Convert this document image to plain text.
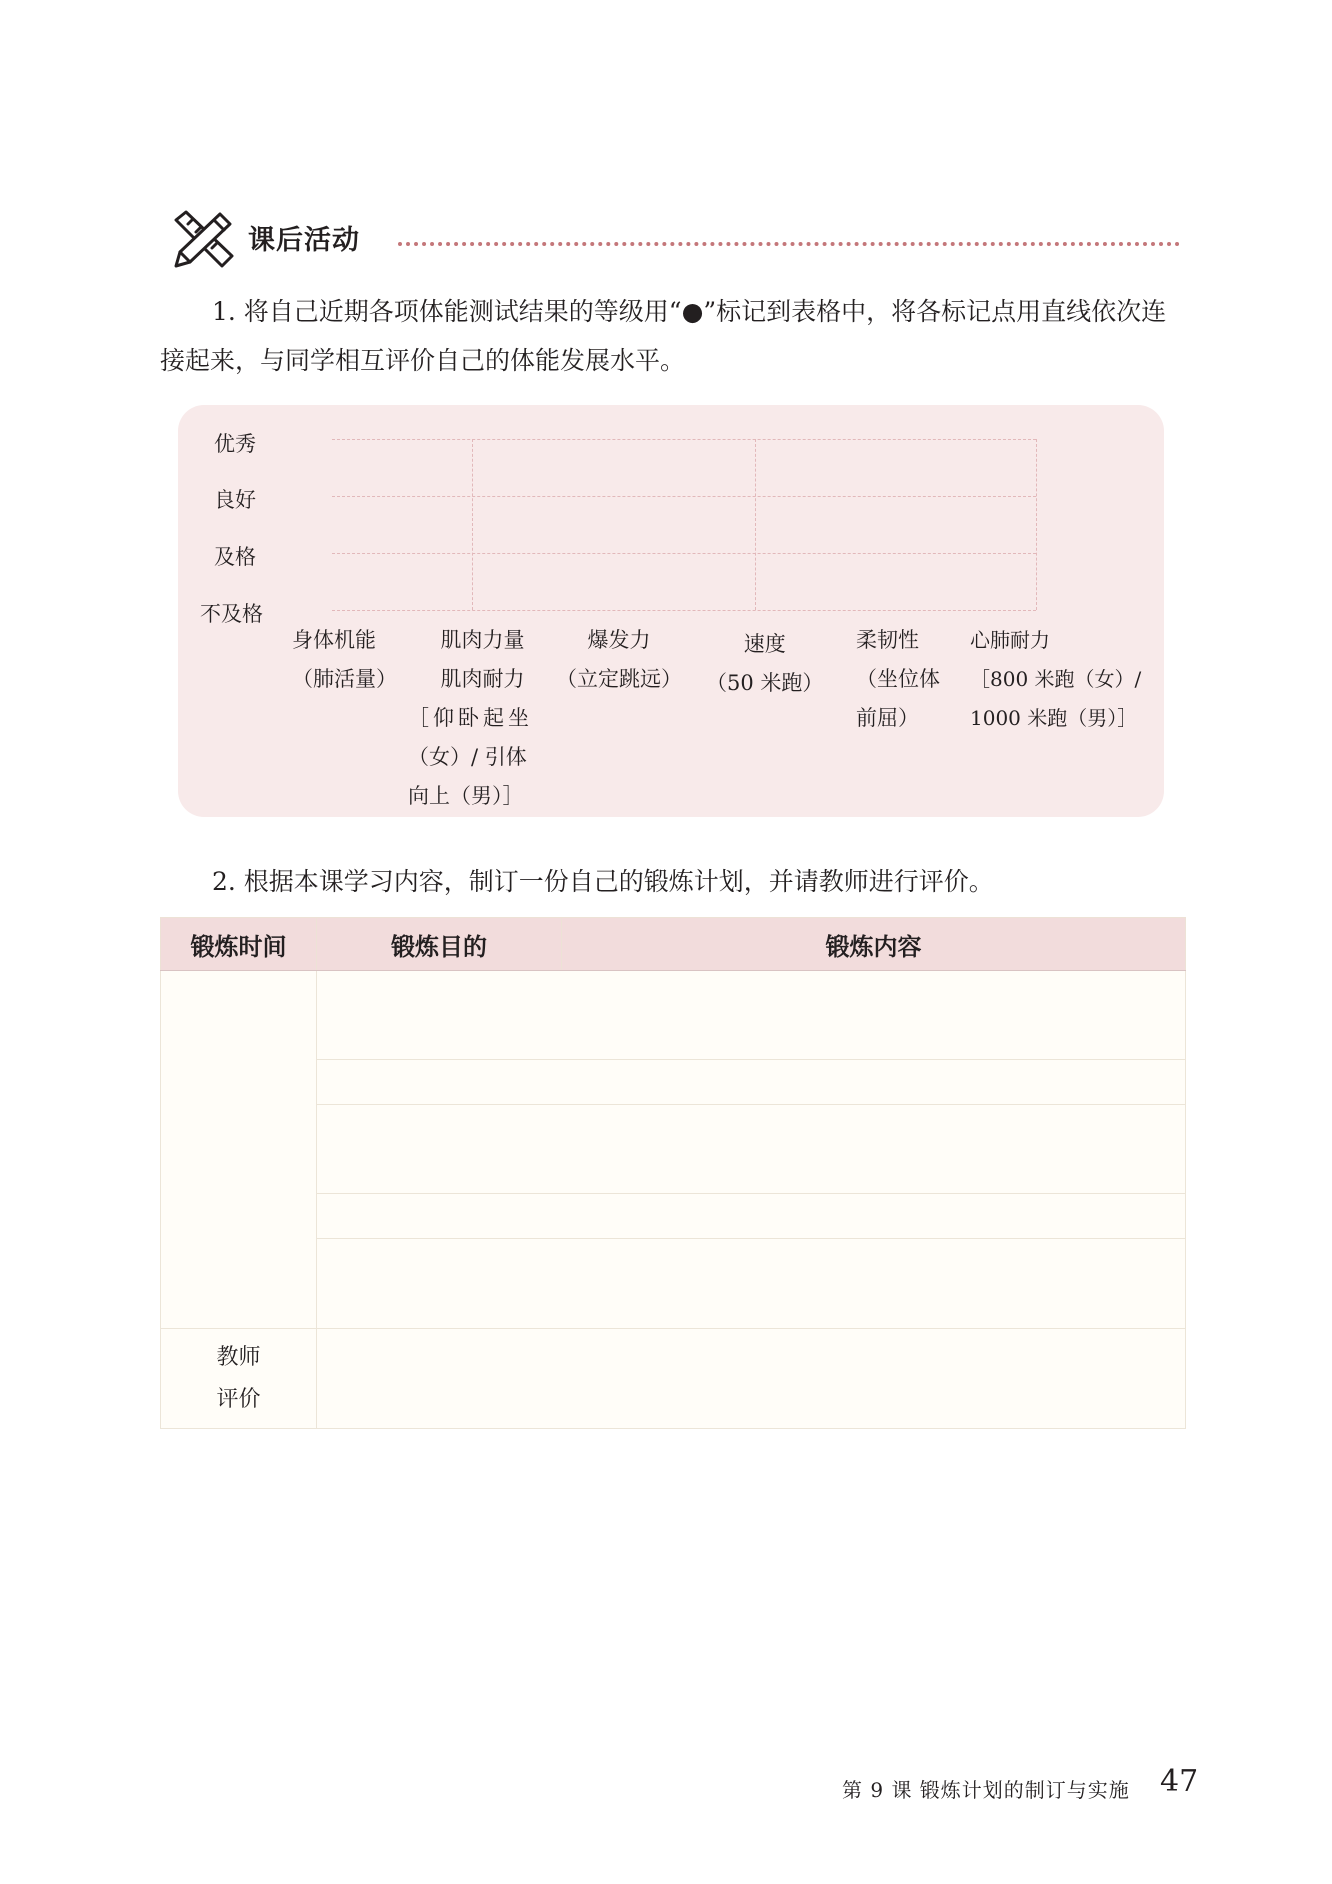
课后活动
1. 将自己近期各项体能测试结果的等级用“●”标记到表格中，将各标记点用直线依次连接起来，与同学相互评价自己的体能发展水平。
优秀
良好
及格
不及格
身体机能
（肺活量）
肌肉力量
肌肉耐力
［仰卧起坐
（女）/ 引体
向上（男）］
爆发力
（立定跳远）
速度
（50 米跑）
柔韧性
（坐位体
前屈）
心肺耐力
［800 米跑（女）/
1000 米跑（男）］
2. 根据本课学习内容，制订一份自己的锻炼计划，并请教师进行评价。
锻炼时间	锻炼目的	锻炼内容

教师
评价		

第 9 课 锻炼计划的制订与实施 47
